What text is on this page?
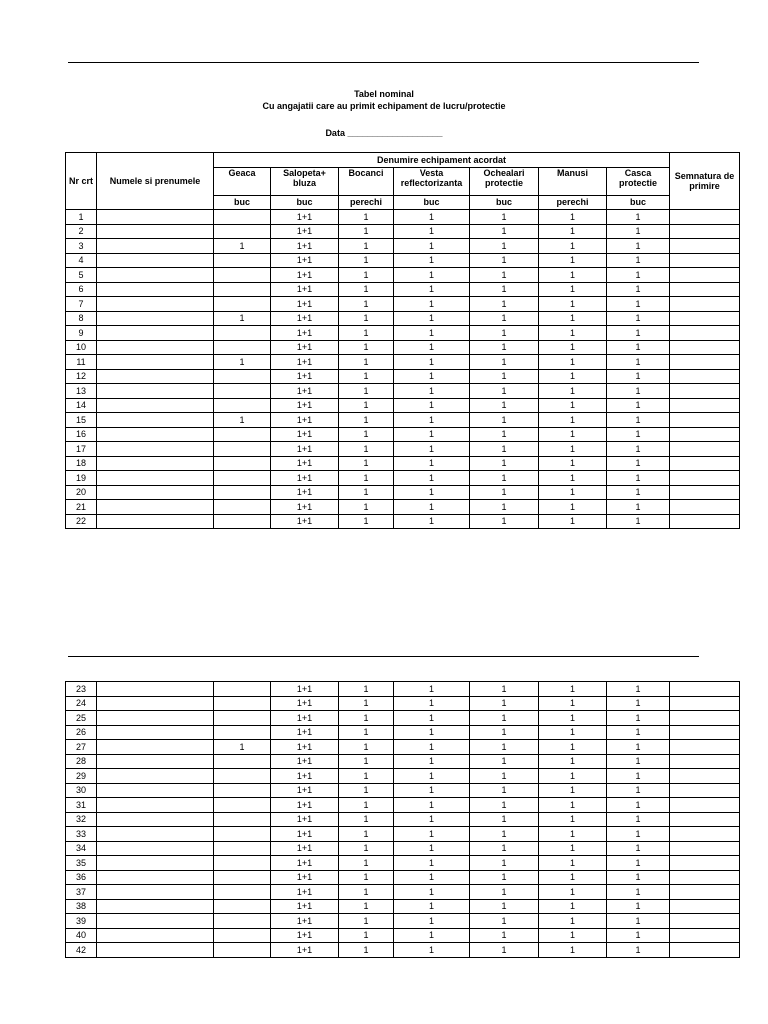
Tabel nominal
Cu angajatii care au primit echipament de lucru/protectie
Data ___________________
Nr crt	Numele si prenumele	Denumire echipament acordat							Semnatura de primire
		Geaca	Salopeta+ bluza	Bocanci	Vesta reflectorizanta	Ochealari protectie	Manusi	Casca protectie	
		buc	buc	perechi	buc	buc	perechi	buc	
1			1+1	1	1	1	1	1	
2			1+1	1	1	1	1	1	
3		1	1+1	1	1	1	1	1	
4			1+1	1	1	1	1	1	
5			1+1	1	1	1	1	1	
6			1+1	1	1	1	1	1	
7			1+1	1	1	1	1	1	
8		1	1+1	1	1	1	1	1	
9			1+1	1	1	1	1	1	
10			1+1	1	1	1	1	1	
11		1	1+1	1	1	1	1	1	
12			1+1	1	1	1	1	1	
13			1+1	1	1	1	1	1	
14			1+1	1	1	1	1	1	
15		1	1+1	1	1	1	1	1	
16			1+1	1	1	1	1	1	
17			1+1	1	1	1	1	1	
18			1+1	1	1	1	1	1	
19			1+1	1	1	1	1	1	
20			1+1	1	1	1	1	1	
21			1+1	1	1	1	1	1	
22			1+1	1	1	1	1	1	
23			1+1	1	1	1	1	1	
24			1+1	1	1	1	1	1	
25			1+1	1	1	1	1	1	
26			1+1	1	1	1	1	1	
27		1	1+1	1	1	1	1	1	
28			1+1	1	1	1	1	1	
29			1+1	1	1	1	1	1	
30			1+1	1	1	1	1	1	
31			1+1	1	1	1	1	1	
32			1+1	1	1	1	1	1	
33			1+1	1	1	1	1	1	
34			1+1	1	1	1	1	1	
35			1+1	1	1	1	1	1	
36			1+1	1	1	1	1	1	
37			1+1	1	1	1	1	1	
38			1+1	1	1	1	1	1	
39			1+1	1	1	1	1	1	
40			1+1	1	1	1	1	1	
42			1+1	1	1	1	1	1	
